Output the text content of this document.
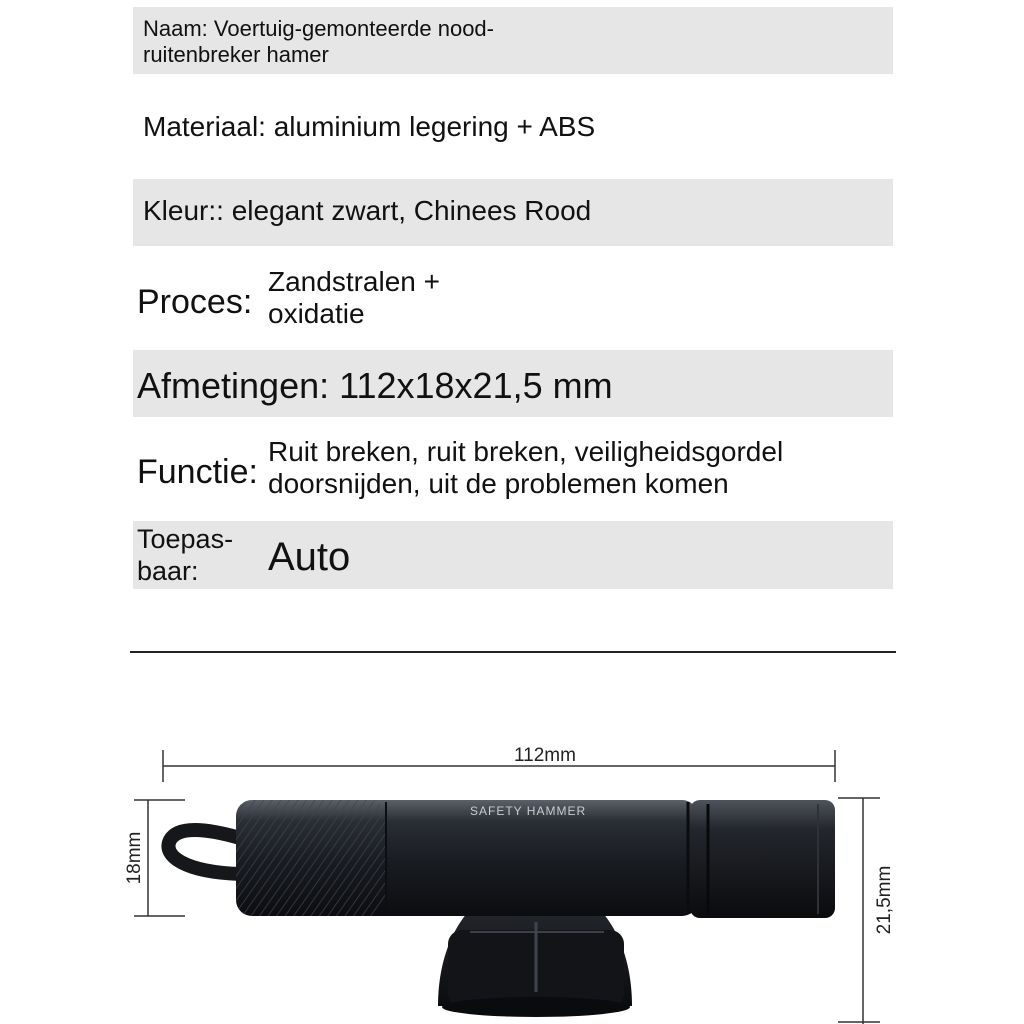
Naam: Voertuig-gemonteerde nood-ruitenbreker hamer
Materiaal: aluminium legering + ABS
Kleur:: elegant zwart, Chinees Rood
Proces:
Zandstralen + oxidatie
Afmetingen: 112x18x21,5 mm
Functie:
Ruit breken, ruit breken, veiligheidsgordel doorsnijden, uit de problemen komen
Toepas-baar:	Auto
112mm
18mm
21,5mm
SAFETY HAMMER
